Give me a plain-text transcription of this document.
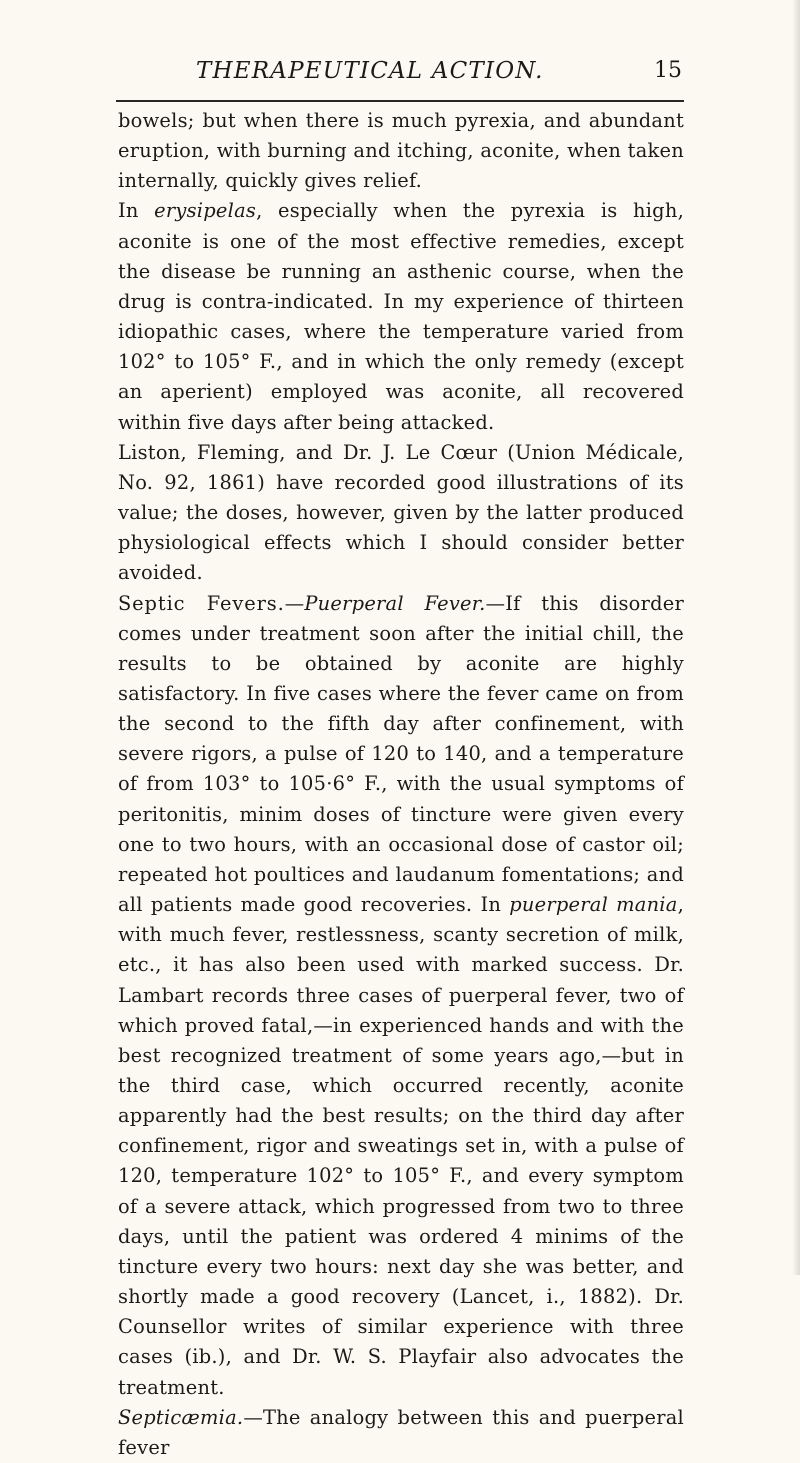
THERAPEUTICAL ACTION.	15

bowels; but when there is much pyrexia, and abundant eruption, with burning and itching, aconite, when taken internally, quickly gives relief.

In erysipelas, especially when the pyrexia is high, aconite is one of the most effective remedies, except the disease be running an asthenic course, when the drug is contra-indicated. In my experience of thirteen idiopathic cases, where the temperature varied from 102° to 105° F., and in which the only remedy (except an aperient) employed was aconite, all recovered within five days after being attacked.

Liston, Fleming, and Dr. J. Le Cœur (Union Médicale, No. 92, 1861) have recorded good illustrations of its value; the doses, however, given by the latter produced physiological effects which I should consider better avoided.

Septic Fevers.—Puerperal Fever.—If this disorder comes under treatment soon after the initial chill, the results to be obtained by aconite are highly satisfactory. In five cases where the fever came on from the second to the fifth day after confinement, with severe rigors, a pulse of 120 to 140, and a temperature of from 103° to 105·6° F., with the usual symptoms of peritonitis, minim doses of tincture were given every one to two hours, with an occasional dose of castor oil; repeated hot poultices and laudanum fomentations; and all patients made good recoveries. In puerperal mania, with much fever, restlessness, scanty secretion of milk, etc., it has also been used with marked success. Dr. Lambart records three cases of puerperal fever, two of which proved fatal,—in experienced hands and with the best recognized treatment of some years ago,—but in the third case, which occurred recently, aconite apparently had the best results; on the third day after confinement, rigor and sweatings set in, with a pulse of 120, temperature 102° to 105° F., and every symptom of a severe attack, which progressed from two to three days, until the patient was ordered 4 minims of the tincture every two hours: next day she was better, and shortly made a good recovery (Lancet, i., 1882). Dr. Counsellor writes of similar experience with three cases (ib.), and Dr. W. S. Playfair also advocates the treatment.

Septicæmia.—The analogy between this and puerperal fever
